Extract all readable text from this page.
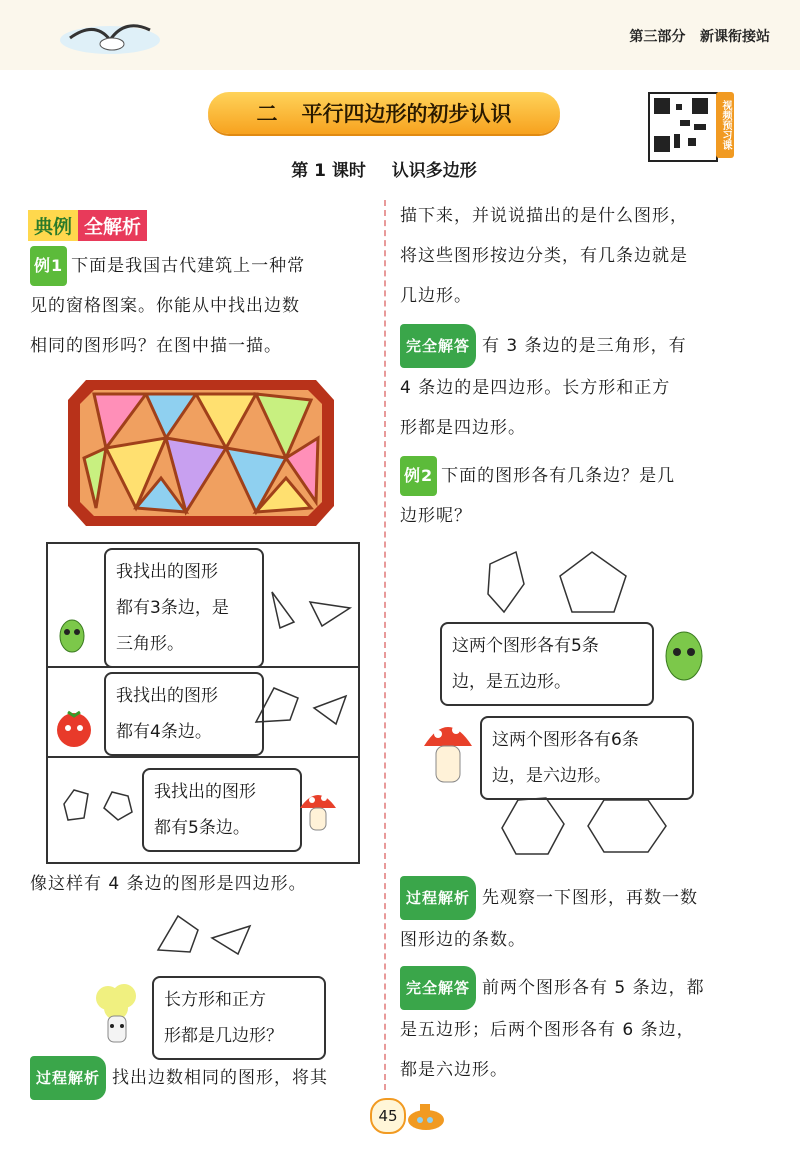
第三部分 新课衔接站
二 平行四边形的初步认识	视频预习课
第 1 课时 认识多边形
典例 全解析
例1 下面是我国古代建筑上一种常
见的窗格图案。你能从中找出边数
相同的图形吗？在图中描一描。
我找出的图形
都有3条边，是
三角形。
我找出的图形
都有4条边。
我找出的图形
都有5条边。
像这样有 4 条边的图形是四边形。
长方形和正方
形都是几边形？
过程解析 找出边数相同的图形，将其
描下来，并说说描出的是什么图形，
将这些图形按边分类，有几条边就是
几边形。
完全解答 有 3 条边的是三角形，有
4 条边的是四边形。长方形和正方
形都是四边形。
例2 下面的图形各有几条边？是几
边形呢？
这两个图形各有5条
边，是五边形。
这两个图形各有6条
边，是六边形。
过程解析 先观察一下图形，再数一数
图形边的条数。
完全解答 前两个图形各有 5 条边，都
是五边形；后两个图形各有 6 条边，
都是六边形。
45
